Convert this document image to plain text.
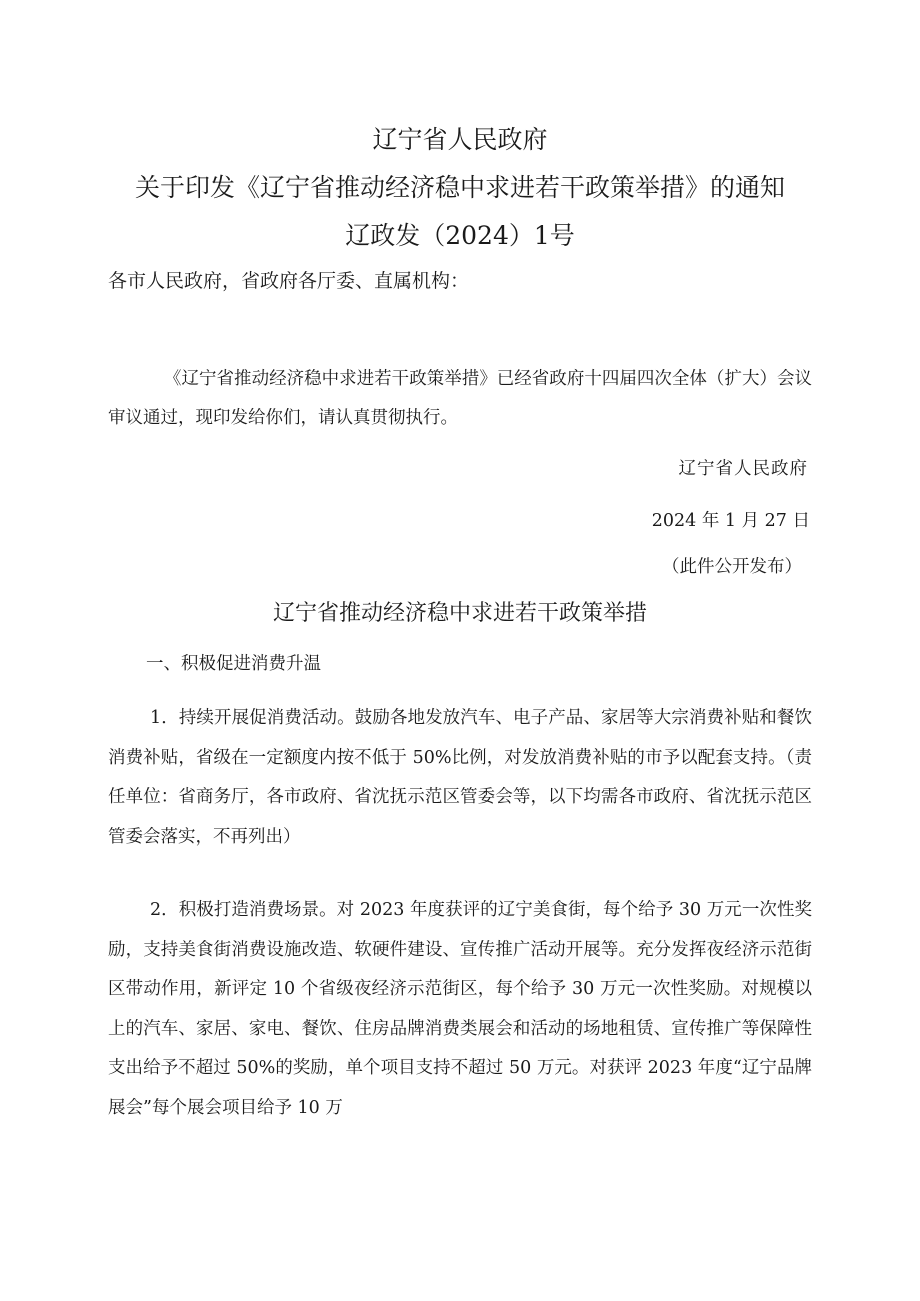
辽宁省人民政府
关于印发《辽宁省推动经济稳中求进若干政策举措》的通知
辽政发（2024）1号
各市人民政府，省政府各厅委、直属机构：

《辽宁省推动经济稳中求进若干政策举措》已经省政府十四届四次全体（扩大）会议审议通过，现印发给你们，请认真贯彻执行。

辽宁省人民政府
2024 年 1 月 27 日
（此件公开发布）
辽宁省推动经济稳中求进若干政策举措
一、积极促进消费升温

1．持续开展促消费活动。鼓励各地发放汽车、电子产品、家居等大宗消费补贴和餐饮消费补贴，省级在一定额度内按不低于 50%比例，对发放消费补贴的市予以配套支持。（责任单位：省商务厅，各市政府、省沈抚示范区管委会等，以下均需各市政府、省沈抚示范区管委会落实，不再列出）

2．积极打造消费场景。对 2023 年度获评的辽宁美食街，每个给予 30 万元一次性奖励，支持美食街消费设施改造、软硬件建设、宣传推广活动开展等。充分发挥夜经济示范街区带动作用，新评定 10 个省级夜经济示范街区，每个给予 30 万元一次性奖励。对规模以上的汽车、家居、家电、餐饮、住房品牌消费类展会和活动的场地租赁、宣传推广等保障性支出给予不超过 50%的奖励，单个项目支持不超过 50 万元。对获评 2023 年度“辽宁品牌展会”每个展会项目给予 10 万
